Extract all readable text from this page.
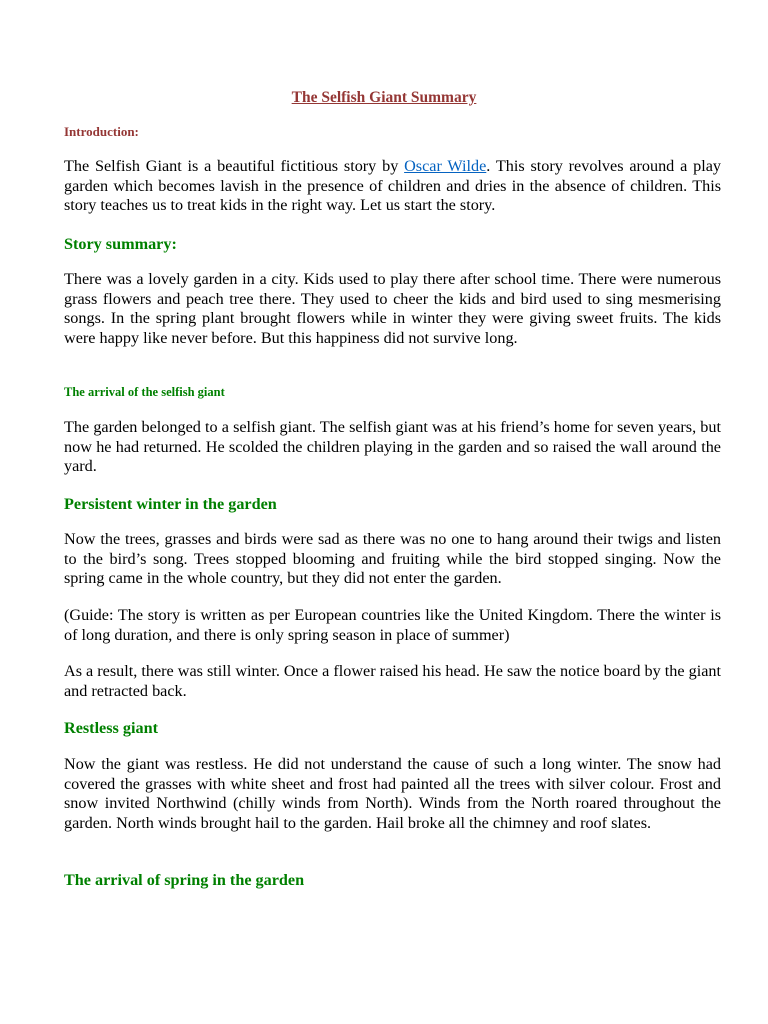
The Selfish Giant Summary

Introduction:

The Selfish Giant is a beautiful fictitious story by Oscar Wilde. This story revolves around a play garden which becomes lavish in the presence of children and dries in the absence of children. This story teaches us to treat kids in the right way. Let us start the story.

Story summary:

There was a lovely garden in a city. Kids used to play there after school time. There were numerous grass flowers and peach tree there. They used to cheer the kids and bird used to sing mesmerising songs. In the spring plant brought flowers while in winter they were giving sweet fruits. The kids were happy like never before. But this happiness did not survive long.

The arrival of the selfish giant

The garden belonged to a selfish giant. The selfish giant was at his friend’s home for seven years, but now he had returned. He scolded the children playing in the garden and so raised the wall around the yard.

Persistent winter in the garden

Now the trees, grasses and birds were sad as there was no one to hang around their twigs and listen to the bird’s song. Trees stopped blooming and fruiting while the bird stopped singing. Now the spring came in the whole country, but they did not enter the garden.

(Guide: The story is written as per European countries like the United Kingdom. There the winter is of long duration, and there is only spring season in place of summer)

As a result, there was still winter. Once a flower raised his head. He saw the notice board by the giant and retracted back.

Restless giant

Now the giant was restless. He did not understand the cause of such a long winter. The snow had covered the grasses with white sheet and frost had painted all the trees with silver colour. Frost and snow invited Northwind (chilly winds from North). Winds from the North roared throughout the garden. North winds brought hail to the garden. Hail broke all the chimney and roof slates.

The arrival of spring in the garden
